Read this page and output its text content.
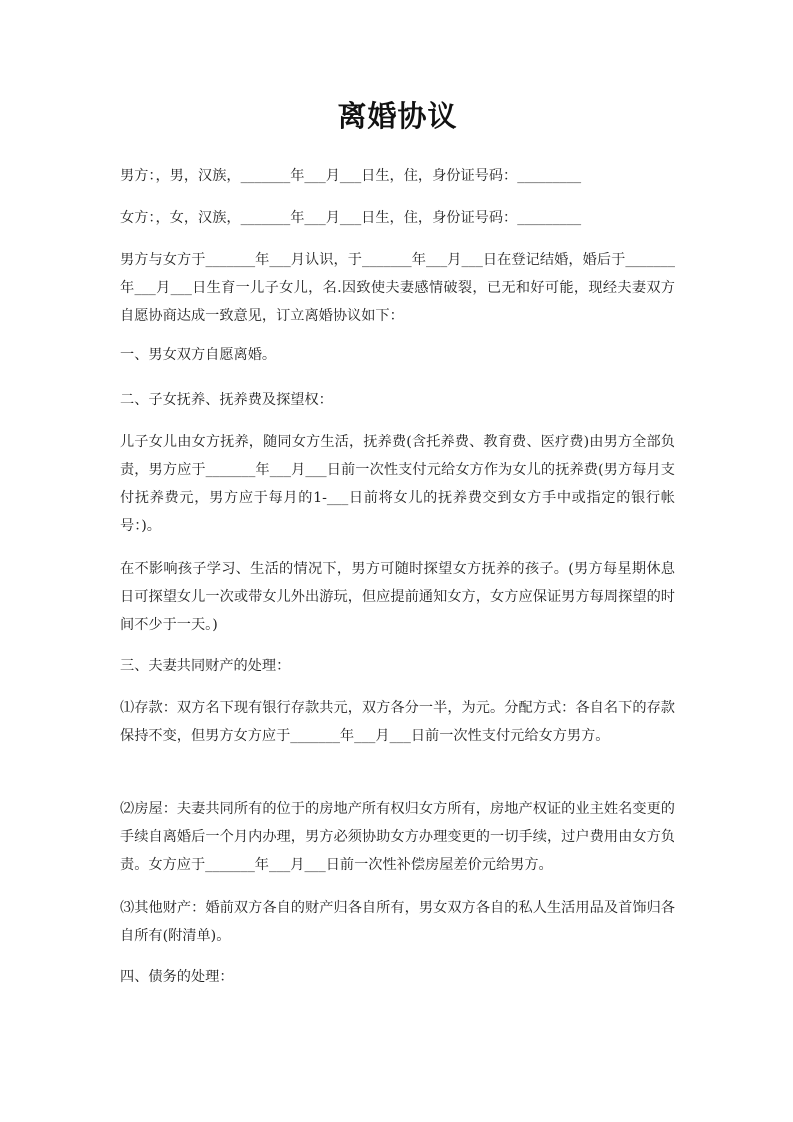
离婚协议

男方：，男，汉族，_______年___月___日生，住，身份证号码：_________

女方：，女，汉族，_______年___月___日生，住，身份证号码：_________

男方与女方于_______年___月认识，于_______年___月___日在登记结婚，婚后于_______年___月___日生育一儿子女儿，名.因致使夫妻感情破裂，已无和好可能，现经夫妻双方自愿协商达成一致意见，订立离婚协议如下：

一、男女双方自愿离婚。

二、子女抚养、抚养费及探望权：

儿子女儿由女方抚养，随同女方生活，抚养费(含托养费、教育费、医疗费)由男方全部负责，男方应于_______年___月___日前一次性支付元给女方作为女儿的抚养费(男方每月支付抚养费元，男方应于每月的1-___日前将女儿的抚养费交到女方手中或指定的银行帐号：)。

在不影响孩子学习、生活的情况下，男方可随时探望女方抚养的孩子。(男方每星期休息日可探望女儿一次或带女儿外出游玩，但应提前通知女方，女方应保证男方每周探望的时间不少于一天。)

三、夫妻共同财产的处理：

⑴存款：双方名下现有银行存款共元，双方各分一半，为元。分配方式：各自名下的存款保持不变，但男方女方应于_______年___月___日前一次性支付元给女方男方。

⑵房屋：夫妻共同所有的位于的房地产所有权归女方所有，房地产权证的业主姓名变更的手续自离婚后一个月内办理，男方必须协助女方办理变更的一切手续，过户费用由女方负责。女方应于_______年___月___日前一次性补偿房屋差价元给男方。

⑶其他财产：婚前双方各自的财产归各自所有，男女双方各自的私人生活用品及首饰归各自所有(附清单)。

四、债务的处理：
